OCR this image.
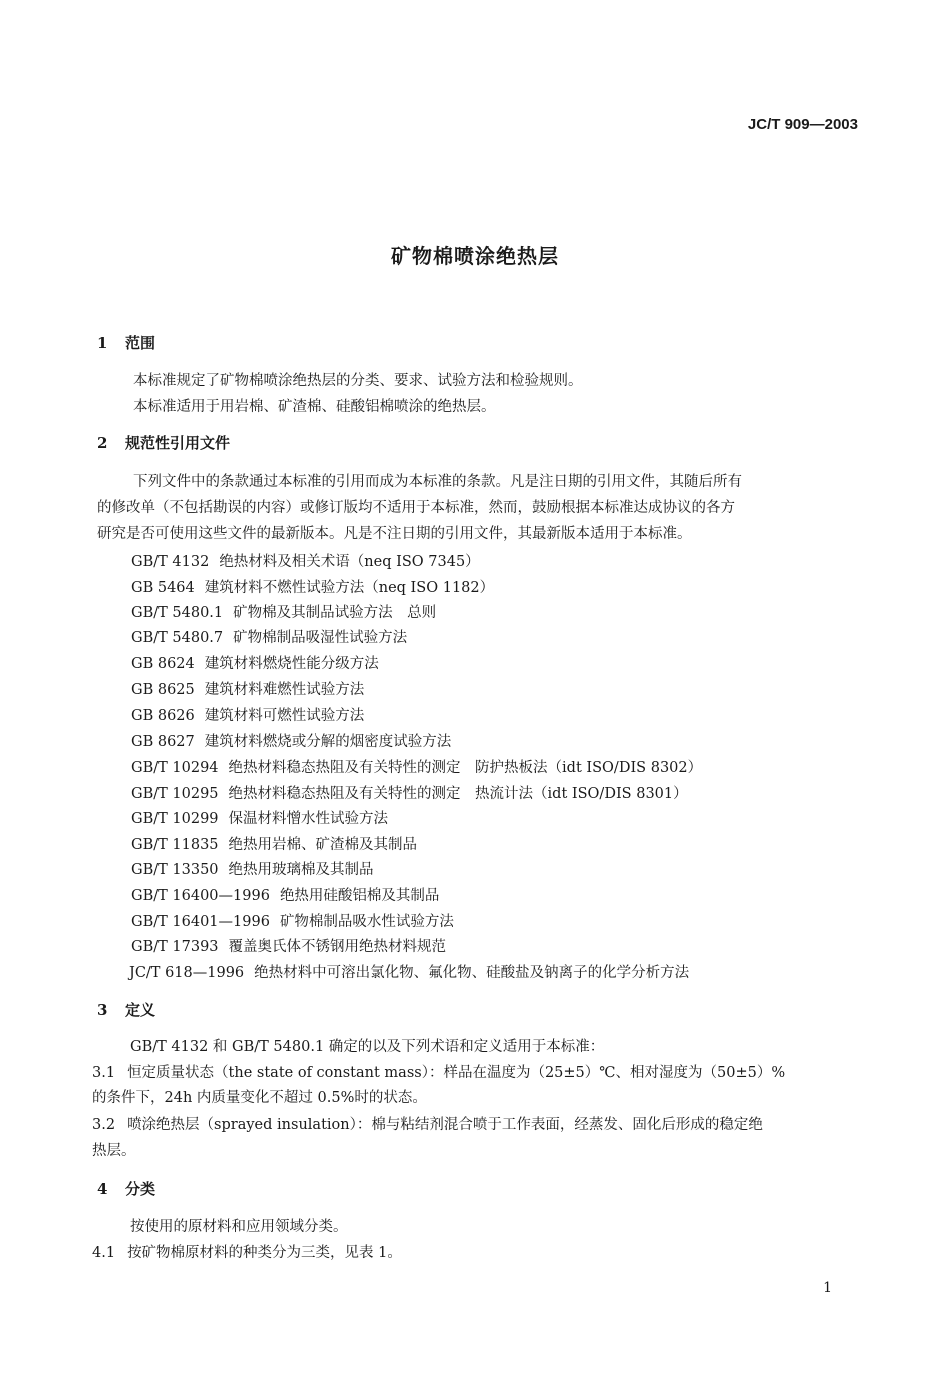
JC/T 909—2003
矿物棉喷涂绝热层
1 范围
本标准规定了矿物棉喷涂绝热层的分类、要求、试验方法和检验规则。
本标准适用于用岩棉、矿渣棉、硅酸铝棉喷涂的绝热层。
2 规范性引用文件
下列文件中的条款通过本标准的引用而成为本标准的条款。凡是注日期的引用文件，其随后所有
的修改单（不包括勘误的内容）或修订版均不适用于本标准，然而，鼓励根据本标准达成协议的各方
研究是否可使用这些文件的最新版本。凡是不注日期的引用文件，其最新版本适用于本标准。
GB/T 4132 绝热材料及相关术语（neq ISO 7345）
GB 5464 建筑材料不燃性试验方法（neq ISO 1182）
GB/T 5480.1 矿物棉及其制品试验方法　总则
GB/T 5480.7 矿物棉制品吸湿性试验方法
GB 8624 建筑材料燃烧性能分级方法
GB 8625 建筑材料难燃性试验方法
GB 8626 建筑材料可燃性试验方法
GB 8627 建筑材料燃烧或分解的烟密度试验方法
GB/T 10294 绝热材料稳态热阻及有关特性的测定　防护热板法（idt ISO/DIS 8302）
GB/T 10295 绝热材料稳态热阻及有关特性的测定　热流计法（idt ISO/DIS 8301）
GB/T 10299 保温材料憎水性试验方法
GB/T 11835 绝热用岩棉、矿渣棉及其制品
GB/T 13350 绝热用玻璃棉及其制品
GB/T 16400—1996 绝热用硅酸铝棉及其制品
GB/T 16401—1996 矿物棉制品吸水性试验方法
GB/T 17393 覆盖奥氏体不锈钢用绝热材料规范
JC/T 618—1996 绝热材料中可溶出氯化物、氟化物、硅酸盐及钠离子的化学分析方法
3 定义
GB/T 4132 和 GB/T 5480.1 确定的以及下列术语和定义适用于本标准：
3.1 恒定质量状态（the state of constant mass）：样品在温度为（25±5）℃、相对湿度为（50±5）%
的条件下，24h 内质量变化不超过 0.5%时的状态。
3.2 喷涂绝热层（sprayed insulation）：棉与粘结剂混合喷于工作表面，经蒸发、固化后形成的稳定绝
热层。
4 分类
按使用的原材料和应用领域分类。
4.1 按矿物棉原材料的种类分为三类，见表 1。
1
